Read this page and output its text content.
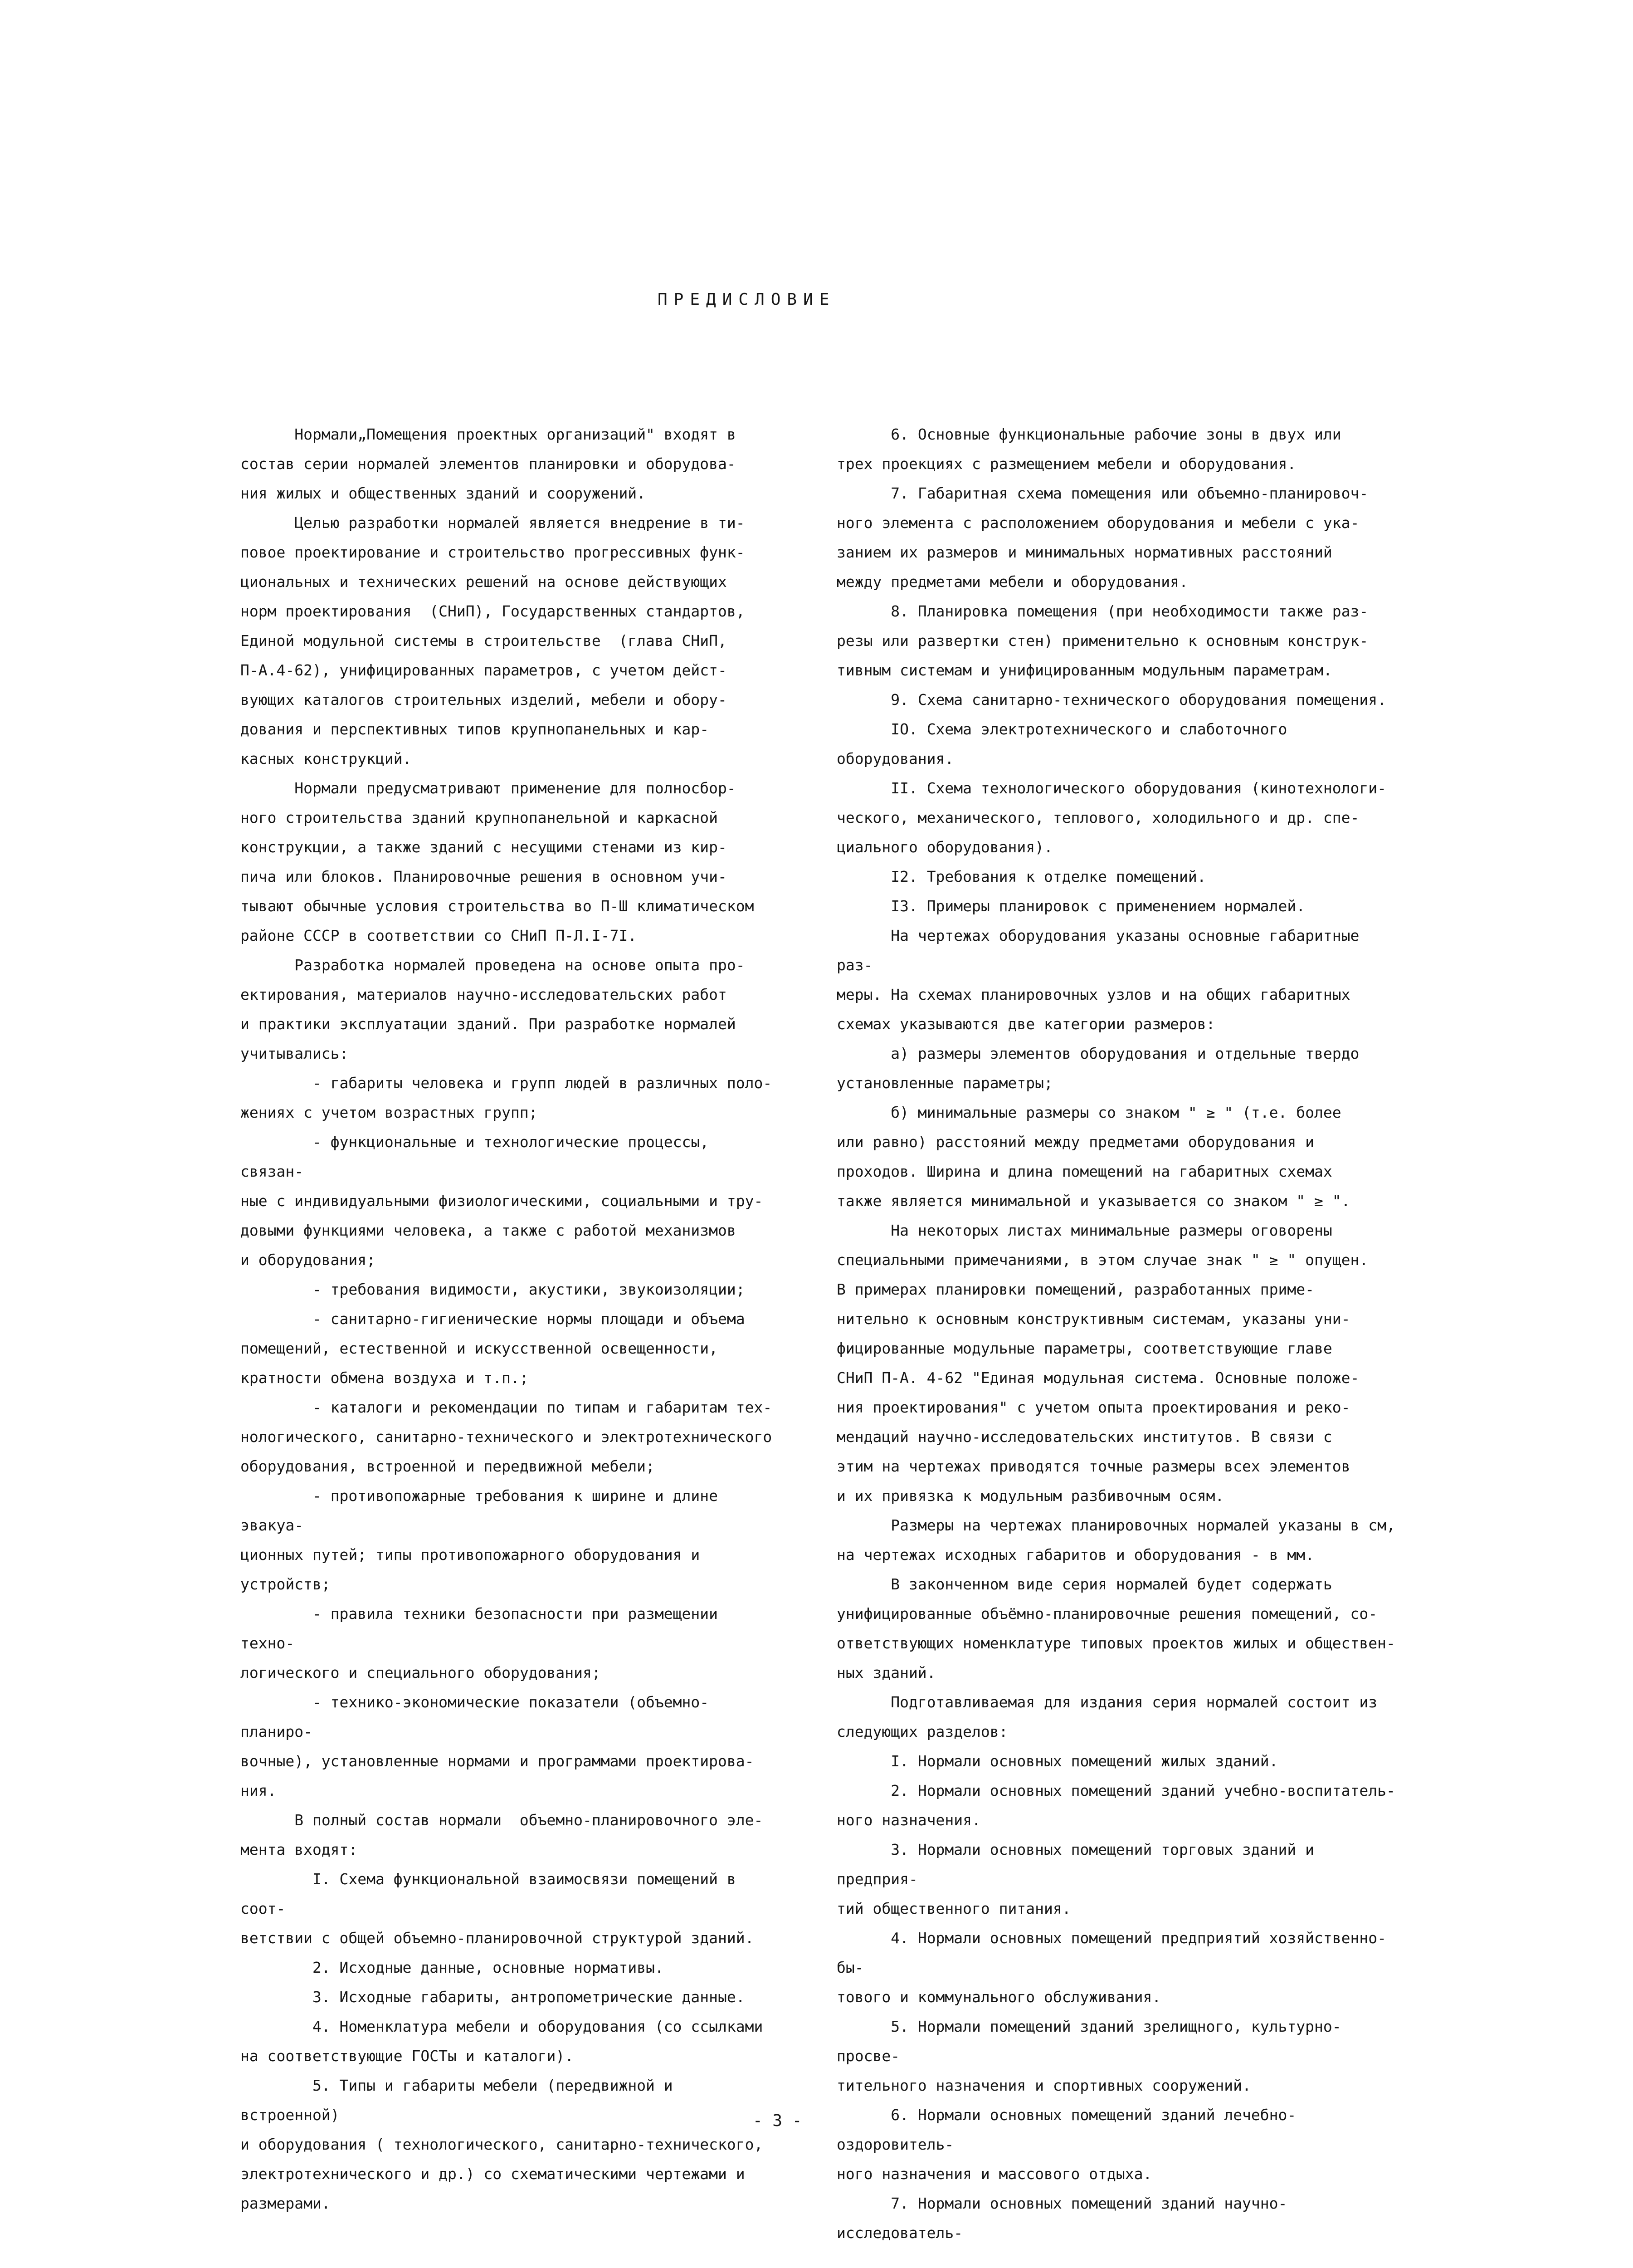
ПРЕДИСЛОВИЕ

Нормали„Помещения проектных организаций" входят в
состав серии нормалей элементов планировки и оборудова-
ния жилых и общественных зданий и сооружений.

Целью разработки нормалей является внедрение в ти-
повое проектирование и строительство прогрессивных функ-
циональных и технических решений на основе действующих
норм проектирования  (СНиП), Государственных стандартов,
Единой модульной системы в строительстве  (глава СНиП,
П-А.4-62), унифицированных параметров, с учетом дейст-
вующих каталогов строительных изделий, мебели и обору-
дования и перспективных типов крупнопанельных и кар-
касных конструкций.

Нормали предусматривают применение для полносбор-
ного строительства зданий крупнопанельной и каркасной
конструкции, а также зданий с несущими стенами из кир-
пича или блоков. Планировочные решения в основном учи-
тывают обычные условия строительства во П-Ш климатическом
районе СССР в соответствии со СНиП П-Л.I-7I.

Разработка нормалей проведена на основе опыта про-
ектирования, материалов научно-исследовательских работ
и практики эксплуатации зданий. При разработке нормалей
учитывались:

- габариты человека и групп людей в различных поло-
жениях с учетом возрастных групп;

- функциональные и технологические процессы, связан-
ные с индивидуальными физиологическими, социальными и тру-
довыми функциями человека, а также с работой механизмов
и оборудования;

- требования видимости, акустики, звукоизоляции;

- санитарно-гигиенические нормы площади и объема
помещений, естественной и искусственной освещенности,
кратности обмена воздуха и т.п.;

- каталоги и рекомендации по типам и габаритам тех-
нологического, санитарно-технического и электротехнического
оборудования, встроенной и передвижной мебели;

- противопожарные требования к ширине и длине эвакуа-
ционных путей; типы противопожарного оборудования и
устройств;

- правила техники безопасности при размещении техно-
логического и специального оборудования;

- технико-экономические показатели (объемно-планиро-
вочные), установленные нормами и программами проектирова-
ния.

В полный состав нормали  объемно-планировочного эле-
мента входят:

I. Схема функциональной взаимосвязи помещений в соот-
ветствии с общей объемно-планировочной структурой зданий.

2. Исходные данные, основные нормативы.

3. Исходные габариты, антропометрические данные.

4. Номенклатура мебели и оборудования (со ссылками
на соответствующие ГОСТы и каталоги).

5. Типы и габариты мебели (передвижной и встроенной)
и оборудования ( технологического, санитарно-технического,
электротехнического и др.) со схематическими чертежами и
размерами.

6. Основные функциональные рабочие зоны в двух или
трех проекциях с размещением мебели и оборудования.

7. Габаритная схема помещения или объемно-планировоч-
ного элемента с расположением оборудования и мебели с ука-
занием их размеров и минимальных нормативных расстояний
между предметами мебели и оборудования.

8. Планировка помещения (при необходимости также раз-
резы или развертки стен) применительно к основным конструк-
тивным системам и унифицированным модульным параметрам.

9. Схема санитарно-технического оборудования помещения.

IO. Схема электротехнического и слаботочного оборудования.

II. Схема технологического оборудования (кинотехнологи-
ческого, механического, теплового, холодильного и др. спе-
циального оборудования).

I2. Требования к отделке помещений.

I3. Примеры планировок с применением нормалей.

На чертежах оборудования указаны основные габаритные раз-
меры. На схемах планировочных узлов и на общих габаритных
схемах указываются две категории размеров:

а) размеры элементов оборудования и отдельные твердо
установленные параметры;

б) минимальные размеры со знаком " ≥ " (т.е. более
или равно) расстояний между предметами оборудования и
проходов. Ширина и длина помещений на габаритных схемах
также является минимальной и указывается со знаком " ≥ ".

На некоторых листах минимальные размеры оговорены
специальными примечаниями, в этом случае знак " ≥ " опущен.

В примерах планировки помещений, разработанных приме-
нительно к основным конструктивным системам, указаны уни-
фицированные модульные параметры, соответствующие главе
СНиП П-А. 4-62 "Единая модульная система. Основные положе-
ния проектирования" с учетом опыта проектирования и реко-
мендаций научно-исследовательских институтов. В связи с
этим на чертежах приводятся точные размеры всех элементов
и их привязка к модульным разбивочным осям.

Размеры на чертежах планировочных нормалей указаны в см,
на чертежах исходных габаритов и оборудования - в мм.

В законченном виде серия нормалей будет содержать
унифицированные объёмно-планировочные решения помещений, со-
ответствующих номенклатуре типовых проектов жилых и обществен-
ных зданий.

Подготавливаемая для издания серия нормалей состоит из
следующих разделов:

I. Нормали основных помещений жилых зданий.

2. Нормали основных помещений зданий учебно-воспитатель-
ного назначения.

3. Нормали основных помещений торговых зданий и предприя-
тий общественного питания.

4. Нормали основных помещений предприятий хозяйственно-бы-
тового и коммунального обслуживания.

5. Нормали помещений зданий зрелищного, культурно-просве-
тительного назначения и спортивных сооружений.

6. Нормали основных помещений зданий лечебно-оздоровитель-
ного назначения и массового отдыха.

7. Нормали основных помещений зданий научно-исследователь-

- 3 -
